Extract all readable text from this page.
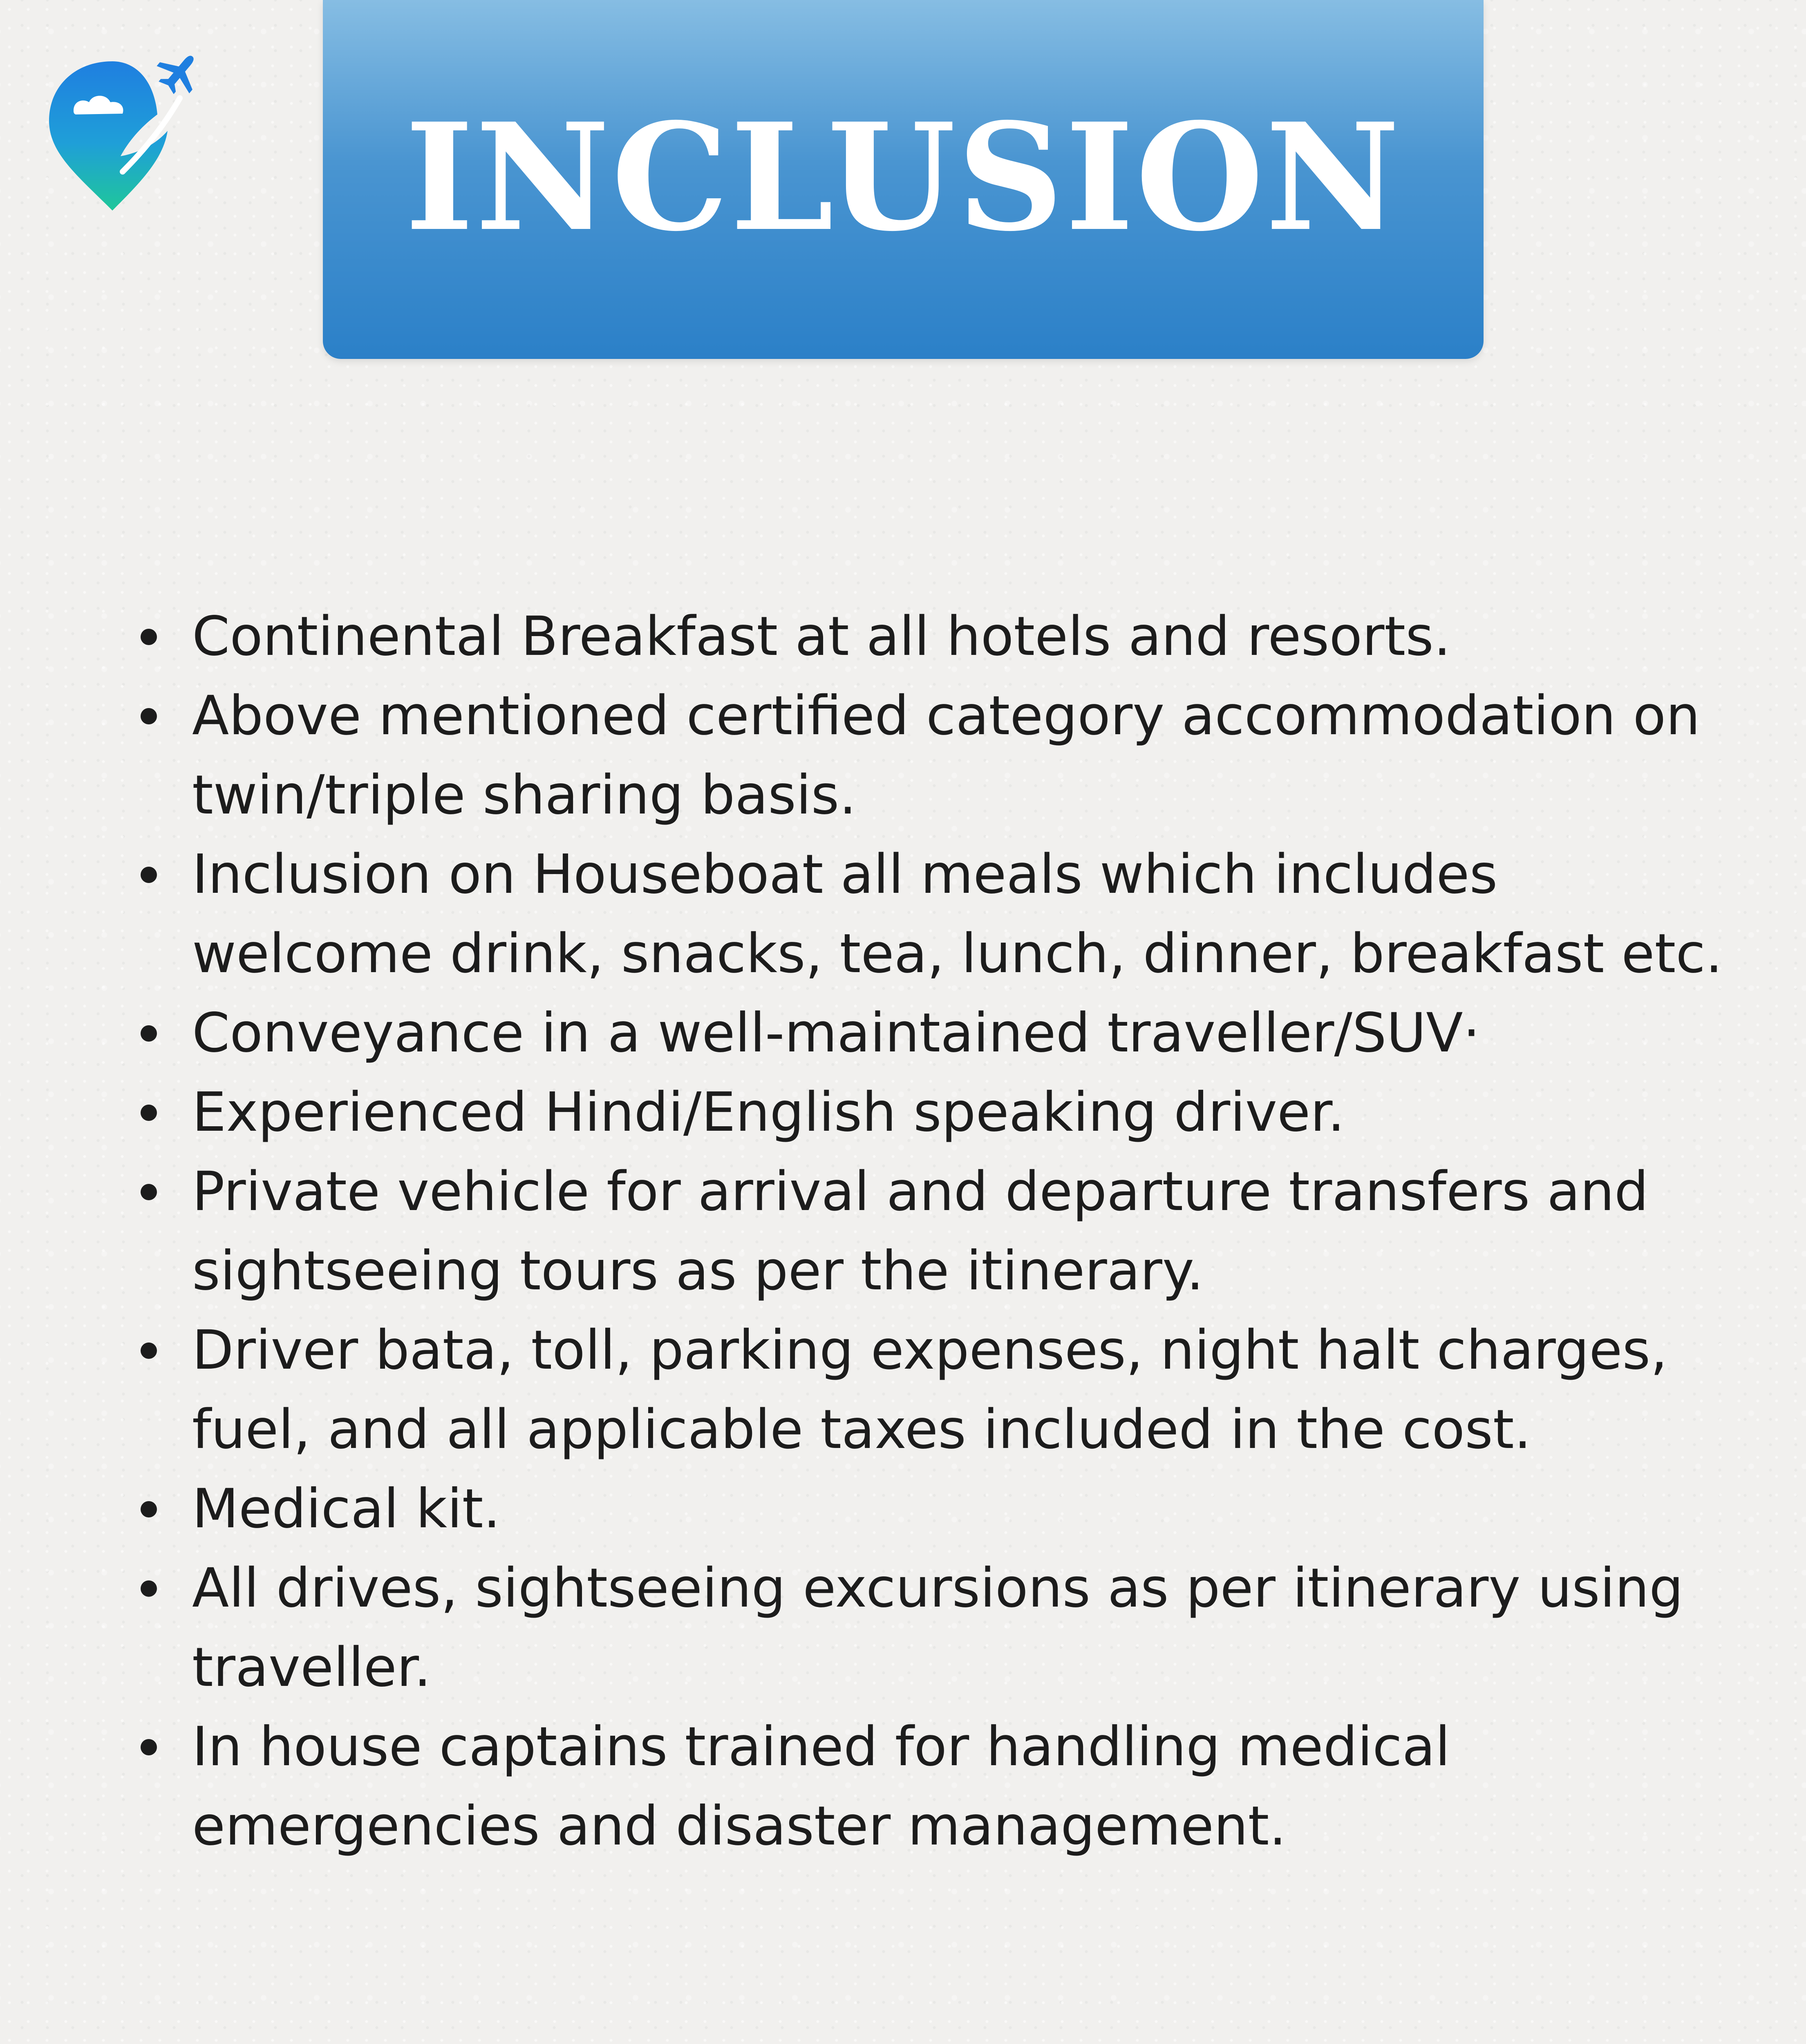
INCLUSION
Continental Breakfast at all hotels and resorts.
Above mentioned certified category accommodation on twin/triple sharing basis.
Inclusion on Houseboat all meals which includes welcome drink, snacks, tea, lunch, dinner, breakfast etc.
Conveyance in a well-maintained traveller/SUV·
Experienced Hindi/English speaking driver.
Private vehicle for arrival and departure transfers and sightseeing tours as per the itinerary.
Driver bata, toll, parking expenses, night halt charges, fuel, and all applicable taxes included in the cost.
Medical kit.
All drives, sightseeing excursions as per itinerary using traveller.
In house captains trained for handling medical emergencies and disaster management.
